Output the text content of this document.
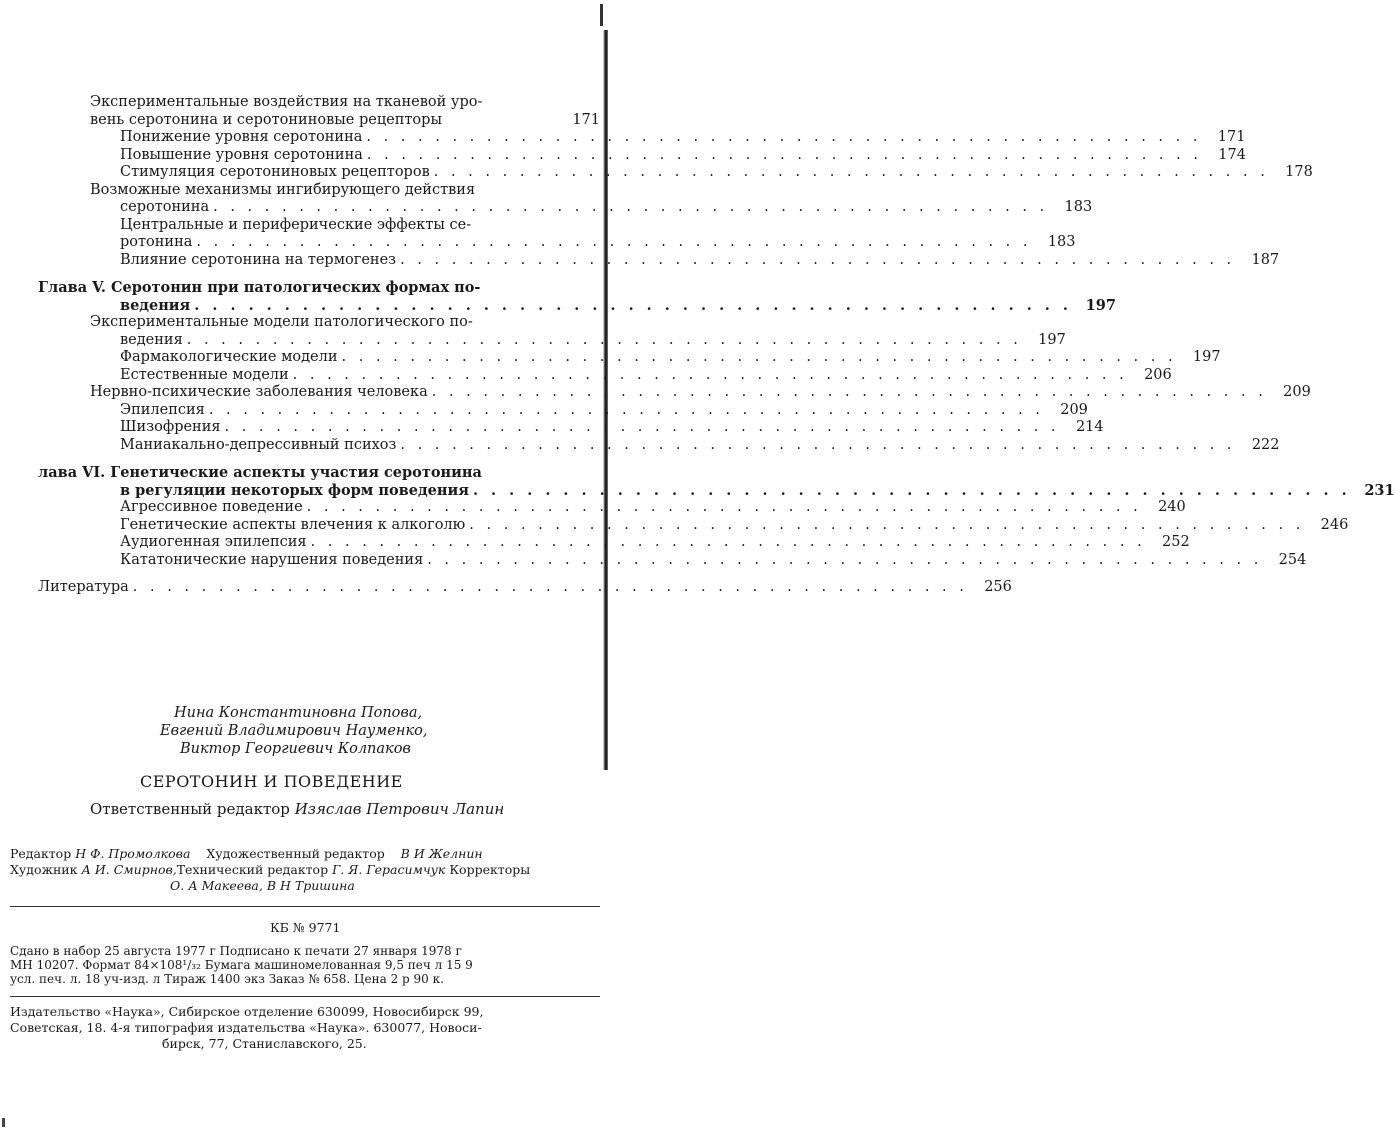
Экспериментальные воздействия на тканевой уро-
вень серотонина и серотониновые рецепторы	171
Понижение уровня серотонина . . . . . . . . . . . . . . . . . . . . . . . . . . . . . . . . . . . . . . . . . . . . . . . . .	171
Повышение уровня серотонина . . . . . . . . . . . . . . . . . . . . . . . . . . . . . . . . . . . . . . . . . . . . . . . . .	174
Стимуляция серотониновых рецепторов . . . . . . . . . . . . . . . . . . . . . . . . . . . . . . . . . . . . . . . . . . . . . . . . .	178
Возможные механизмы ингибирующего действия
серотонина . . . . . . . . . . . . . . . . . . . . . . . . . . . . . . . . . . . . . . . . . . . . . . . . .	183
Центральные и периферические эффекты се-
ротонина . . . . . . . . . . . . . . . . . . . . . . . . . . . . . . . . . . . . . . . . . . . . . . . . .	183
Влияние серотонина на термогенез . . . . . . . . . . . . . . . . . . . . . . . . . . . . . . . . . . . . . . . . . . . . . . . . .	187
Глава V. Серотонин при патологических формах по-
ведения . . . . . . . . . . . . . . . . . . . . . . . . . . . . . . . . . . . . . . . . . . . . . . . . . 197
Экспериментальные модели патологического по-
ведения . . . . . . . . . . . . . . . . . . . . . . . . . . . . . . . . . . . . . . . . . . . . . . . . .	197
Фармакологические модели . . . . . . . . . . . . . . . . . . . . . . . . . . . . . . . . . . . . . . . . . . . . . . . . .	197
Естественные модели . . . . . . . . . . . . . . . . . . . . . . . . . . . . . . . . . . . . . . . . . . . . . . . . .	206
Нервно-психические заболевания человека . . . . . . . . . . . . . . . . . . . . . . . . . . . . . . . . . . . . . . . . . . . . . . . . .	209
Эпилепсия . . . . . . . . . . . . . . . . . . . . . . . . . . . . . . . . . . . . . . . . . . . . . . . . .	209
Шизофрения . . . . . . . . . . . . . . . . . . . . . . . . . . . . . . . . . . . . . . . . . . . . . . . . .	214
Маниакально-депрессивный психоз . . . . . . . . . . . . . . . . . . . . . . . . . . . . . . . . . . . . . . . . . . . . . . . . .	222
лава VI. Генетические аспекты участия серотонина
в регуляции некоторых форм поведения . . . . . . . . . . . . . . . . . . . . . . . . . . . . . . . . . . . . . . . . . . . . . . . . . 231
Агрессивное поведение . . . . . . . . . . . . . . . . . . . . . . . . . . . . . . . . . . . . . . . . . . . . . . . . .	240
Генетические аспекты влечения к алкоголю . . . . . . . . . . . . . . . . . . . . . . . . . . . . . . . . . . . . . . . . . . . . . . . . .	246
Аудиогенная эпилепсия . . . . . . . . . . . . . . . . . . . . . . . . . . . . . . . . . . . . . . . . . . . . . . . . .	252
Кататонические нарушения поведения . . . . . . . . . . . . . . . . . . . . . . . . . . . . . . . . . . . . . . . . . . . . . . . . .	254
Литература . . . . . . . . . . . . . . . . . . . . . . . . . . . . . . . . . . . . . . . . . . . . . . . . .	256
Нина Константиновна Попова,
Евгений Владимирович Науменко,
Виктор Георгиевич Колпаков
СЕРОТОНИН И ПОВЕДЕНИЕ
Ответственный редактор Изяслав Петрович Лапин
Редактор Н Ф. Промолкова Художественный редактор В И Желнин
Художник А И. Смирнов,Технический редактор Г. Я. Герасимчук Корректоры
О. А Макеева, В Н Тришина
КБ № 9771
Сдано в набор 25 августа 1977 г Подписано к печати 27 января 1978 г
МН 10207. Формат 84×108¹/₃₂ Бумага машиномелованная 9,5 печ л 15 9
усл. печ. л. 18 уч-изд. л Тираж 1400 экз Заказ № 658. Цена 2 р 90 к.
Издательство «Наука», Сибирское отделение 630099, Новосибирск 99,
Советская, 18. 4-я типография издательства «Наука». 630077, Новоси-
бирск, 77, Станиславского, 25.
